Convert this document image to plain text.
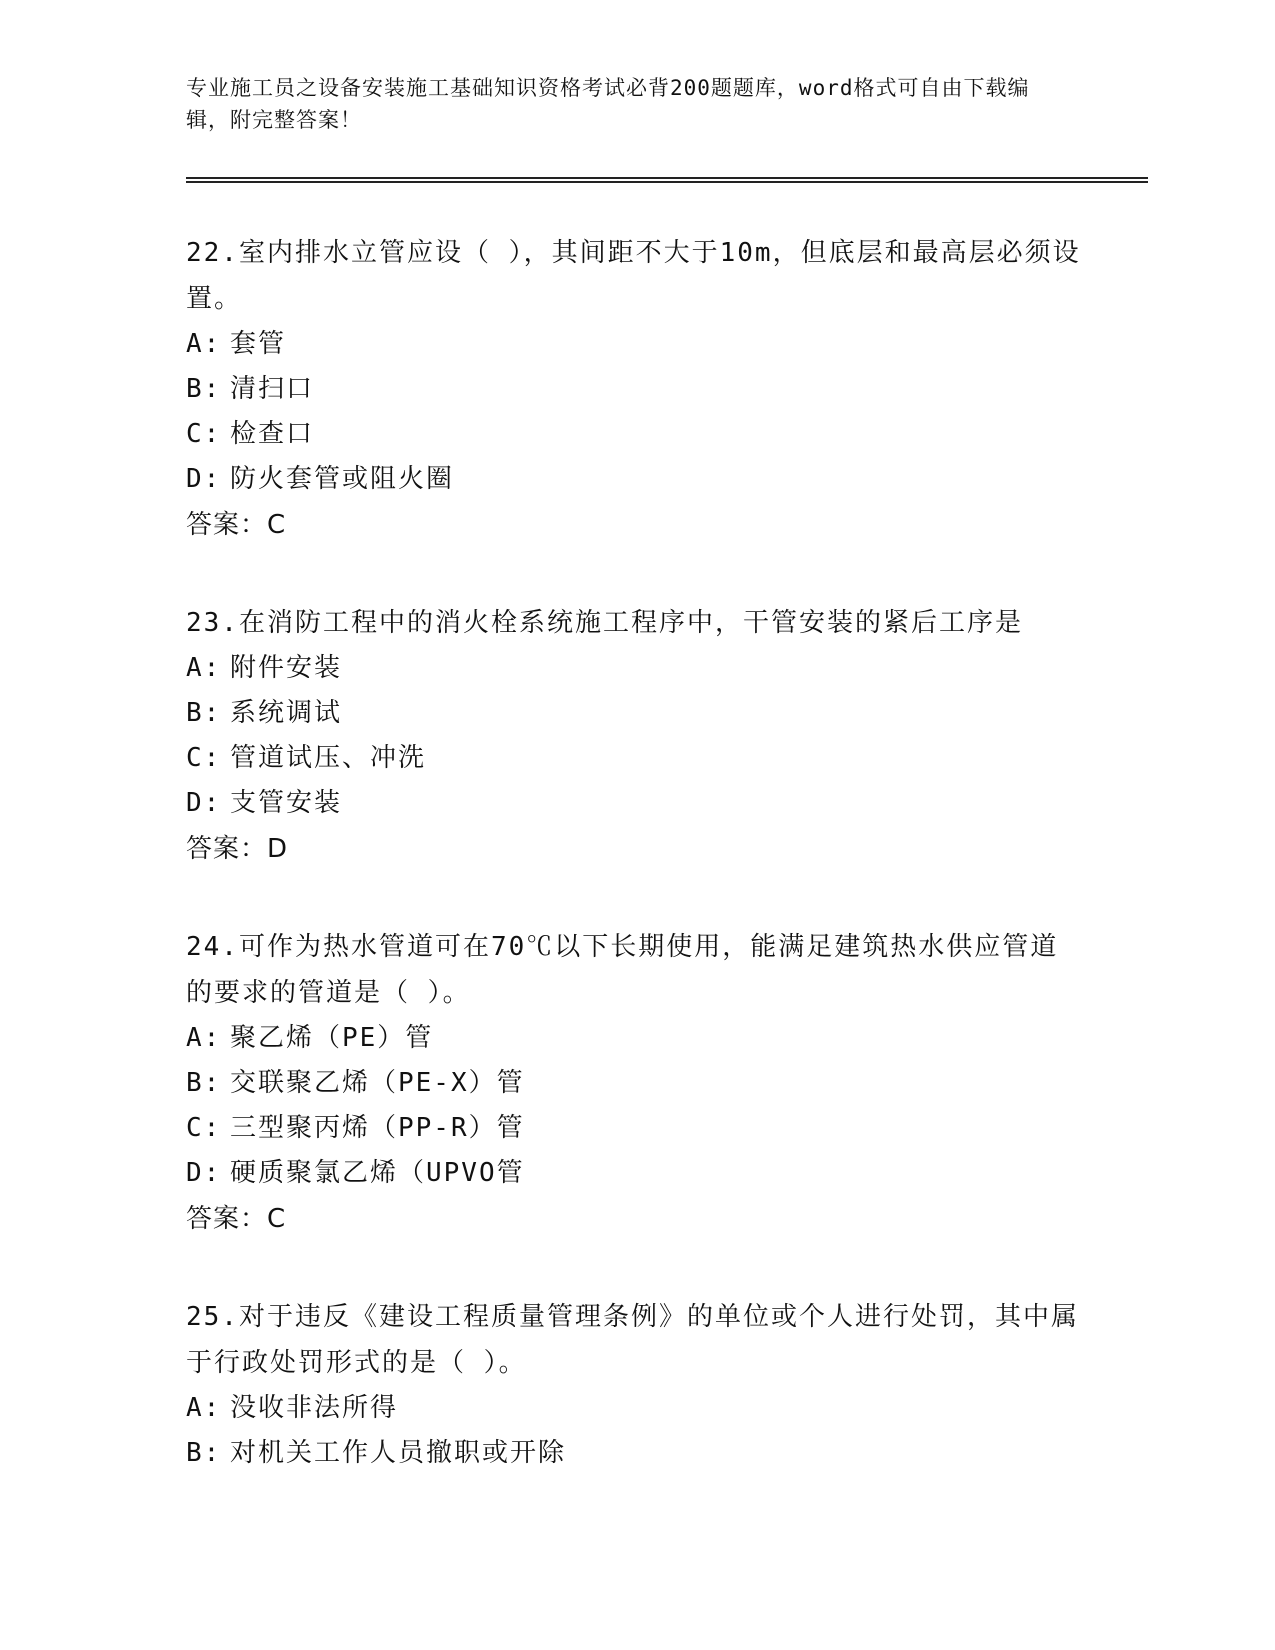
专业施工员之设备安装施工基础知识资格考试必背200题题库，word格式可自由下载编辑，附完整答案！

22.室内排水立管应设（ ），其间距不大于10m，但底层和最高层必须设置。

A: 套管

B: 清扫口

C: 检查口

D: 防火套管或阻火圈

答案：C

23.在消防工程中的消火栓系统施工程序中，干管安装的紧后工序是

A: 附件安装

B: 系统调试

C: 管道试压、冲洗

D: 支管安装

答案：D

24.可作为热水管道可在70℃以下长期使用，能满足建筑热水供应管道的要求的管道是（ ）。

A: 聚乙烯（PE）管

B: 交联聚乙烯（PE-X）管

C: 三型聚丙烯（PP-R）管

D: 硬质聚氯乙烯（UPVO管

答案：C

25.对于违反《建设工程质量管理条例》的单位或个人进行处罚，其中属于行政处罚形式的是（ ）。

A: 没收非法所得

B: 对机关工作人员撤职或开除
